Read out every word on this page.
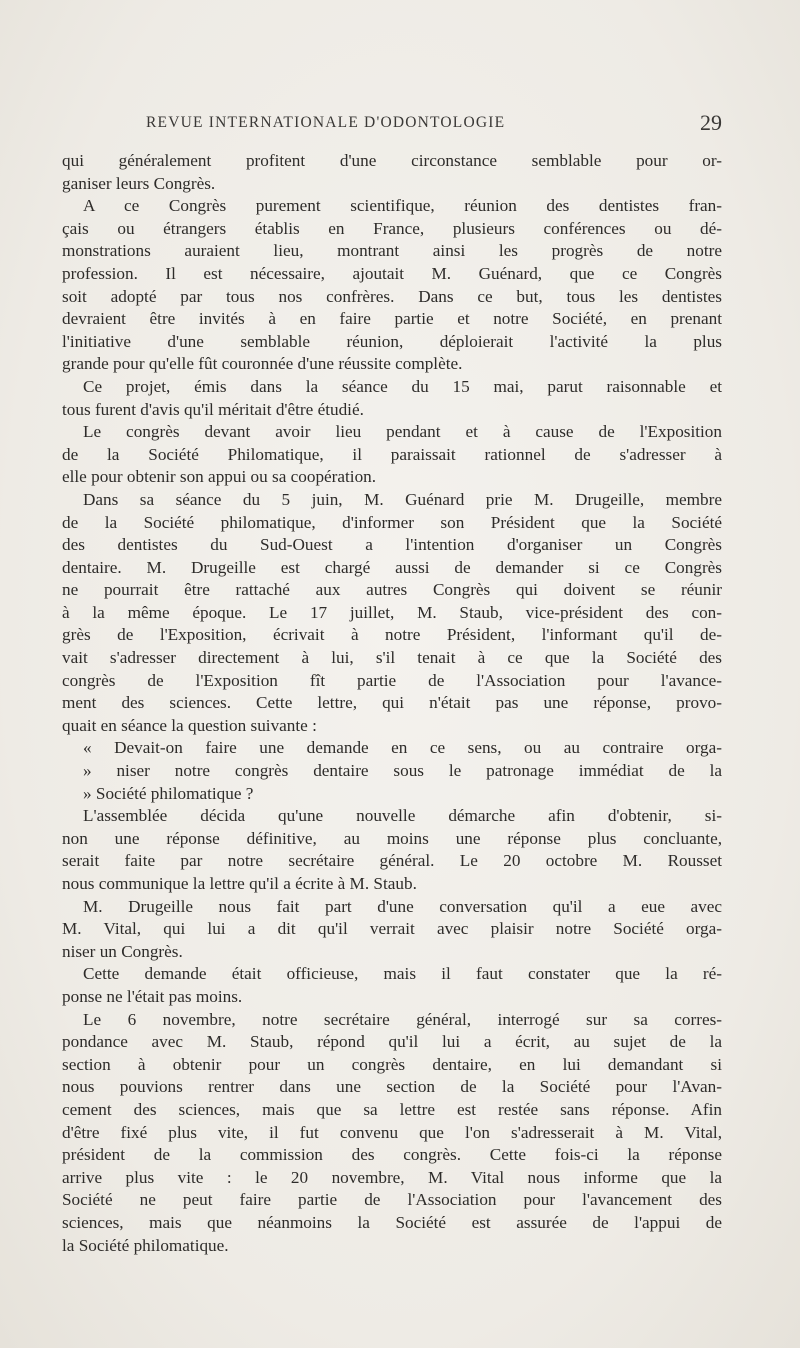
REVUE INTERNATIONALE D'ODONTOLOGIE	29
qui généralement profitent d'une circonstance semblable pour or-
ganiser leurs Congrès.
A ce Congrès purement scientifique, réunion des dentistes fran-
çais ou étrangers établis en France, plusieurs conférences ou dé-
monstrations auraient lieu, montrant ainsi les progrès de notre
profession. Il est nécessaire, ajoutait M. Guénard, que ce Congrès
soit adopté par tous nos confrères. Dans ce but, tous les dentistes
devraient être invités à en faire partie et notre Société, en prenant
l'initiative d'une semblable réunion, déploierait l'activité la plus
grande pour qu'elle fût couronnée d'une réussite complète.
Ce projet, émis dans la séance du 15 mai, parut raisonnable et
tous furent d'avis qu'il méritait d'être étudié.
Le congrès devant avoir lieu pendant et à cause de l'Exposition
de la Société Philomatique, il paraissait rationnel de s'adresser à
elle pour obtenir son appui ou sa coopération.
Dans sa séance du 5 juin, M. Guénard prie M. Drugeille, membre
de la Société philomatique, d'informer son Président que la Société
des dentistes du Sud-Ouest a l'intention d'organiser un Congrès
dentaire. M. Drugeille est chargé aussi de demander si ce Congrès
ne pourrait être rattaché aux autres Congrès qui doivent se réunir
à la même époque. Le 17 juillet, M. Staub, vice-président des con-
grès de l'Exposition, écrivait à notre Président, l'informant qu'il de-
vait s'adresser directement à lui, s'il tenait à ce que la Société des
congrès de l'Exposition fît partie de l'Association pour l'avance-
ment des sciences. Cette lettre, qui n'était pas une réponse, provo-
quait en séance la question suivante :
« Devait-on faire une demande en ce sens, ou au contraire orga-
» niser notre congrès dentaire sous le patronage immédiat de la
» Société philomatique ?
L'assemblée décida qu'une nouvelle démarche afin d'obtenir, si-
non une réponse définitive, au moins une réponse plus concluante,
serait faite par notre secrétaire général. Le 20 octobre M. Rousset
nous communique la lettre qu'il a écrite à M. Staub.
M. Drugeille nous fait part d'une conversation qu'il a eue avec
M. Vital, qui lui a dit qu'il verrait avec plaisir notre Société orga-
niser un Congrès.
Cette demande était officieuse, mais il faut constater que la ré-
ponse ne l'était pas moins.
Le 6 novembre, notre secrétaire général, interrogé sur sa corres-
pondance avec M. Staub, répond qu'il lui a écrit, au sujet de la
section à obtenir pour un congrès dentaire, en lui demandant si
nous pouvions rentrer dans une section de la Société pour l'Avan-
cement des sciences, mais que sa lettre est restée sans réponse. Afin
d'être fixé plus vite, il fut convenu que l'on s'adresserait à M. Vital,
président de la commission des congrès. Cette fois-ci la réponse
arrive plus vite : le 20 novembre, M. Vital nous informe que la
Société ne peut faire partie de l'Association pour l'avancement des
sciences, mais que néanmoins la Société est assurée de l'appui de
la Société philomatique.
